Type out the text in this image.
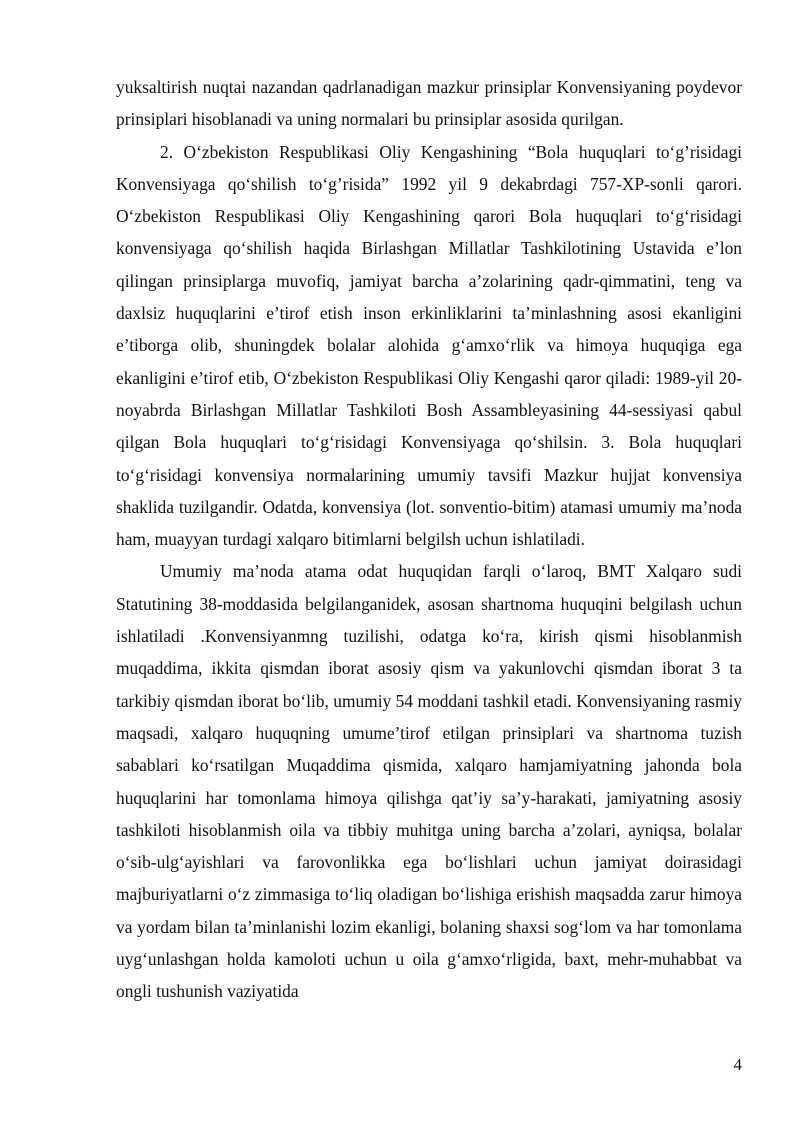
yuksaltirish nuqtai nazandan qadrlanadigan mazkur prinsiplar Konvensiyaning poydevor prinsiplari hisoblanadi va uning normalari bu prinsiplar asosida qurilgan.

2. O‘zbekiston Respublikasi Oliy Kengashining “Bola huquqlari to‘g’risidagi Konvensiyaga qo‘shilish to‘g’risida” 1992 yil 9 dekabrdagi 757-XP-sonli qarori. O‘zbekiston Respublikasi Oliy Kengashining qarori Bola huquqlari to‘g‘risidagi konvensiyaga qo‘shilish haqida Birlashgan Millatlar Tashkilotining Ustavida e’lon qilingan prinsiplarga muvofiq, jamiyat barcha a’zolarining qadr-qimmatini, teng va daxlsiz huquqlarini e’tirof etish inson erkinliklarini ta’minlashning asosi ekanligini e’tiborga olib, shuningdek bolalar alohida g‘amxo‘rlik va himoya huquqiga ega ekanligini e’tirof etib, O‘zbekiston Respublikasi Oliy Kengashi qaror qiladi: 1989-yil 20-noyabrda Birlashgan Millatlar Tashkiloti Bosh Assambleyasining 44-sessiyasi qabul qilgan Bola huquqlari to‘g‘risidagi Konvensiyaga qo‘shilsin. 3. Bola huquqlari to‘g‘risidagi konvensiya normalarining umumiy tavsifi Mazkur hujjat konvensiya shaklida tuzilgandir. Odatda, konvensiya (lot. sonventio-bitim) atamasi umumiy ma’noda ham, muayyan turdagi xalqaro bitimlarni belgilsh uchun ishlatiladi.

Umumiy ma’noda atama odat huquqidan farqli o‘laroq, BMT Xalqaro sudi Statutining 38-moddasida belgilanganidek, asosan shartnoma huquqini belgilash uchun ishlatiladi .Konvensiyanmng tuzilishi, odatga ko‘ra, kirish qismi hisoblanmish muqaddima, ikkita qismdan iborat asosiy qism va yakunlovchi qismdan iborat 3 ta tarkibiy qismdan iborat bo‘lib, umumiy 54 moddani tashkil etadi. Konvensiyaning rasmiy maqsadi, xalqaro huquqning umume’tirof etilgan prinsiplari va shartnoma tuzish sabablari ko‘rsatilgan Muqaddima qismida, xalqaro hamjamiyatning jahonda bola huquqlarini har tomonlama himoya qilishga qat’iy sa’y-harakati, jamiyatning asosiy tashkiloti hisoblanmish oila va tibbiy muhitga uning barcha a’zolari, ayniqsa, bolalar o‘sib-ulg‘ayishlari va farovonlikka ega bo‘lishlari uchun jamiyat doirasidagi majburiyatlarni o‘z zimmasiga to‘liq oladigan bo‘lishiga erishish maqsadda zarur himoya va yordam bilan ta’minlanishi lozim ekanligi, bolaning shaxsi sog‘lom va har tomonlama uyg‘unlashgan holda kamoloti uchun u oila g‘amxo‘rligida, baxt, mehr-muhabbat va ongli tushunish vaziyatida

4
